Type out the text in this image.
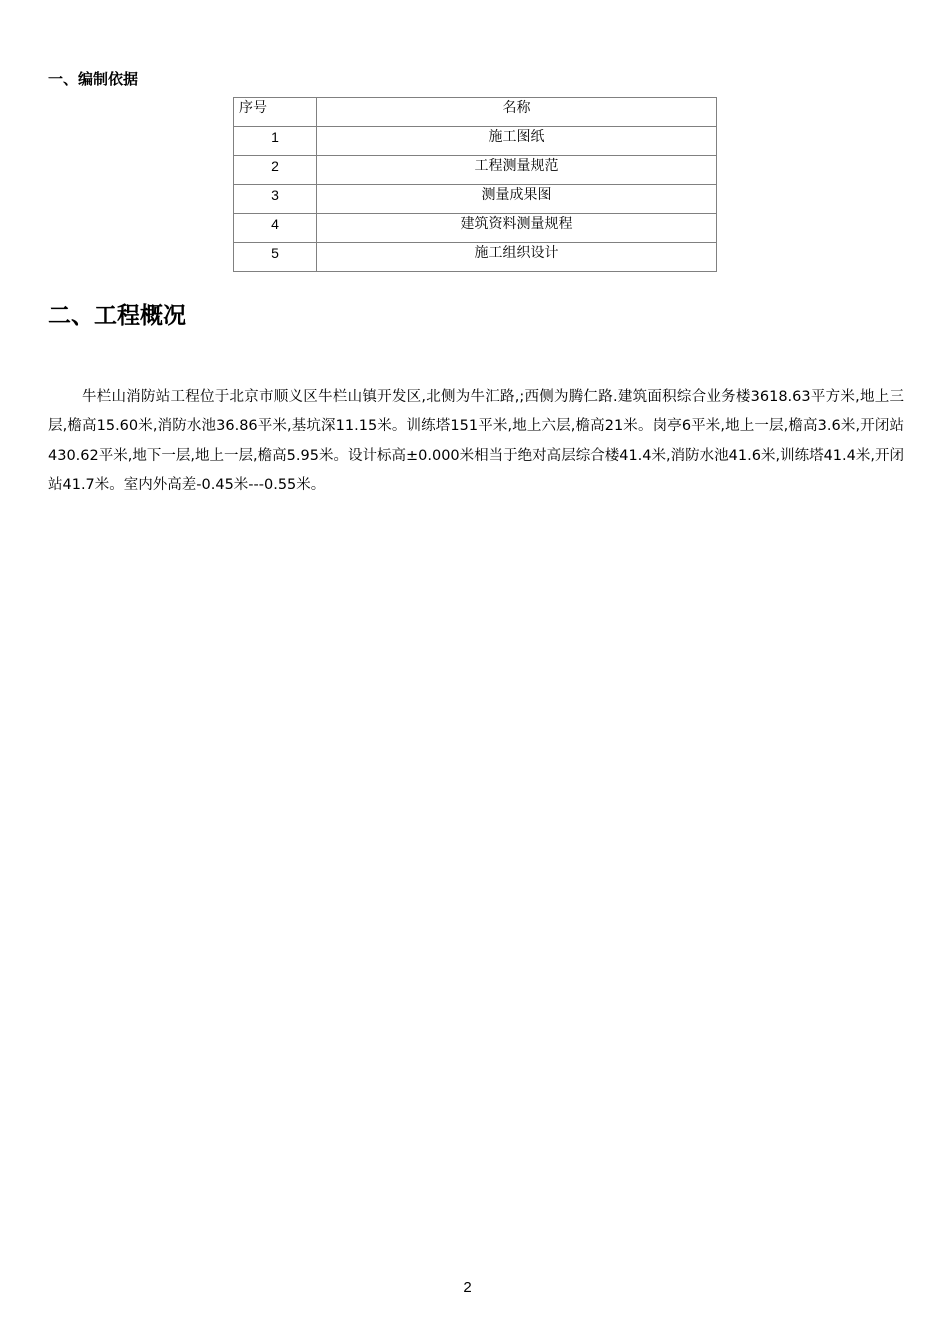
一、编制依据
序号	名称
1	施工图纸
2	工程测量规范
3	测量成果图
4	建筑资料测量规程
5	施工组织设计
二、工程概况

牛栏山消防站工程位于北京市顺义区牛栏山镇开发区,北侧为牛汇路,;西侧为腾仁路.建筑面积综合业务楼3618.63平方米,地上三层,檐高15.60米,消防水池36.86平米,基坑深11.15米。训练塔151平米,地上六层,檐高21米。岗亭6平米,地上一层,檐高3.6米,开闭站430.62平米,地下一层,地上一层,檐高5.95米。设计标高±0.000米相当于绝对高层综合楼41.4米,消防水池41.6米,训练塔41.4米,开闭站41.7米。室内外高差-0.45米---0.55米。

2
